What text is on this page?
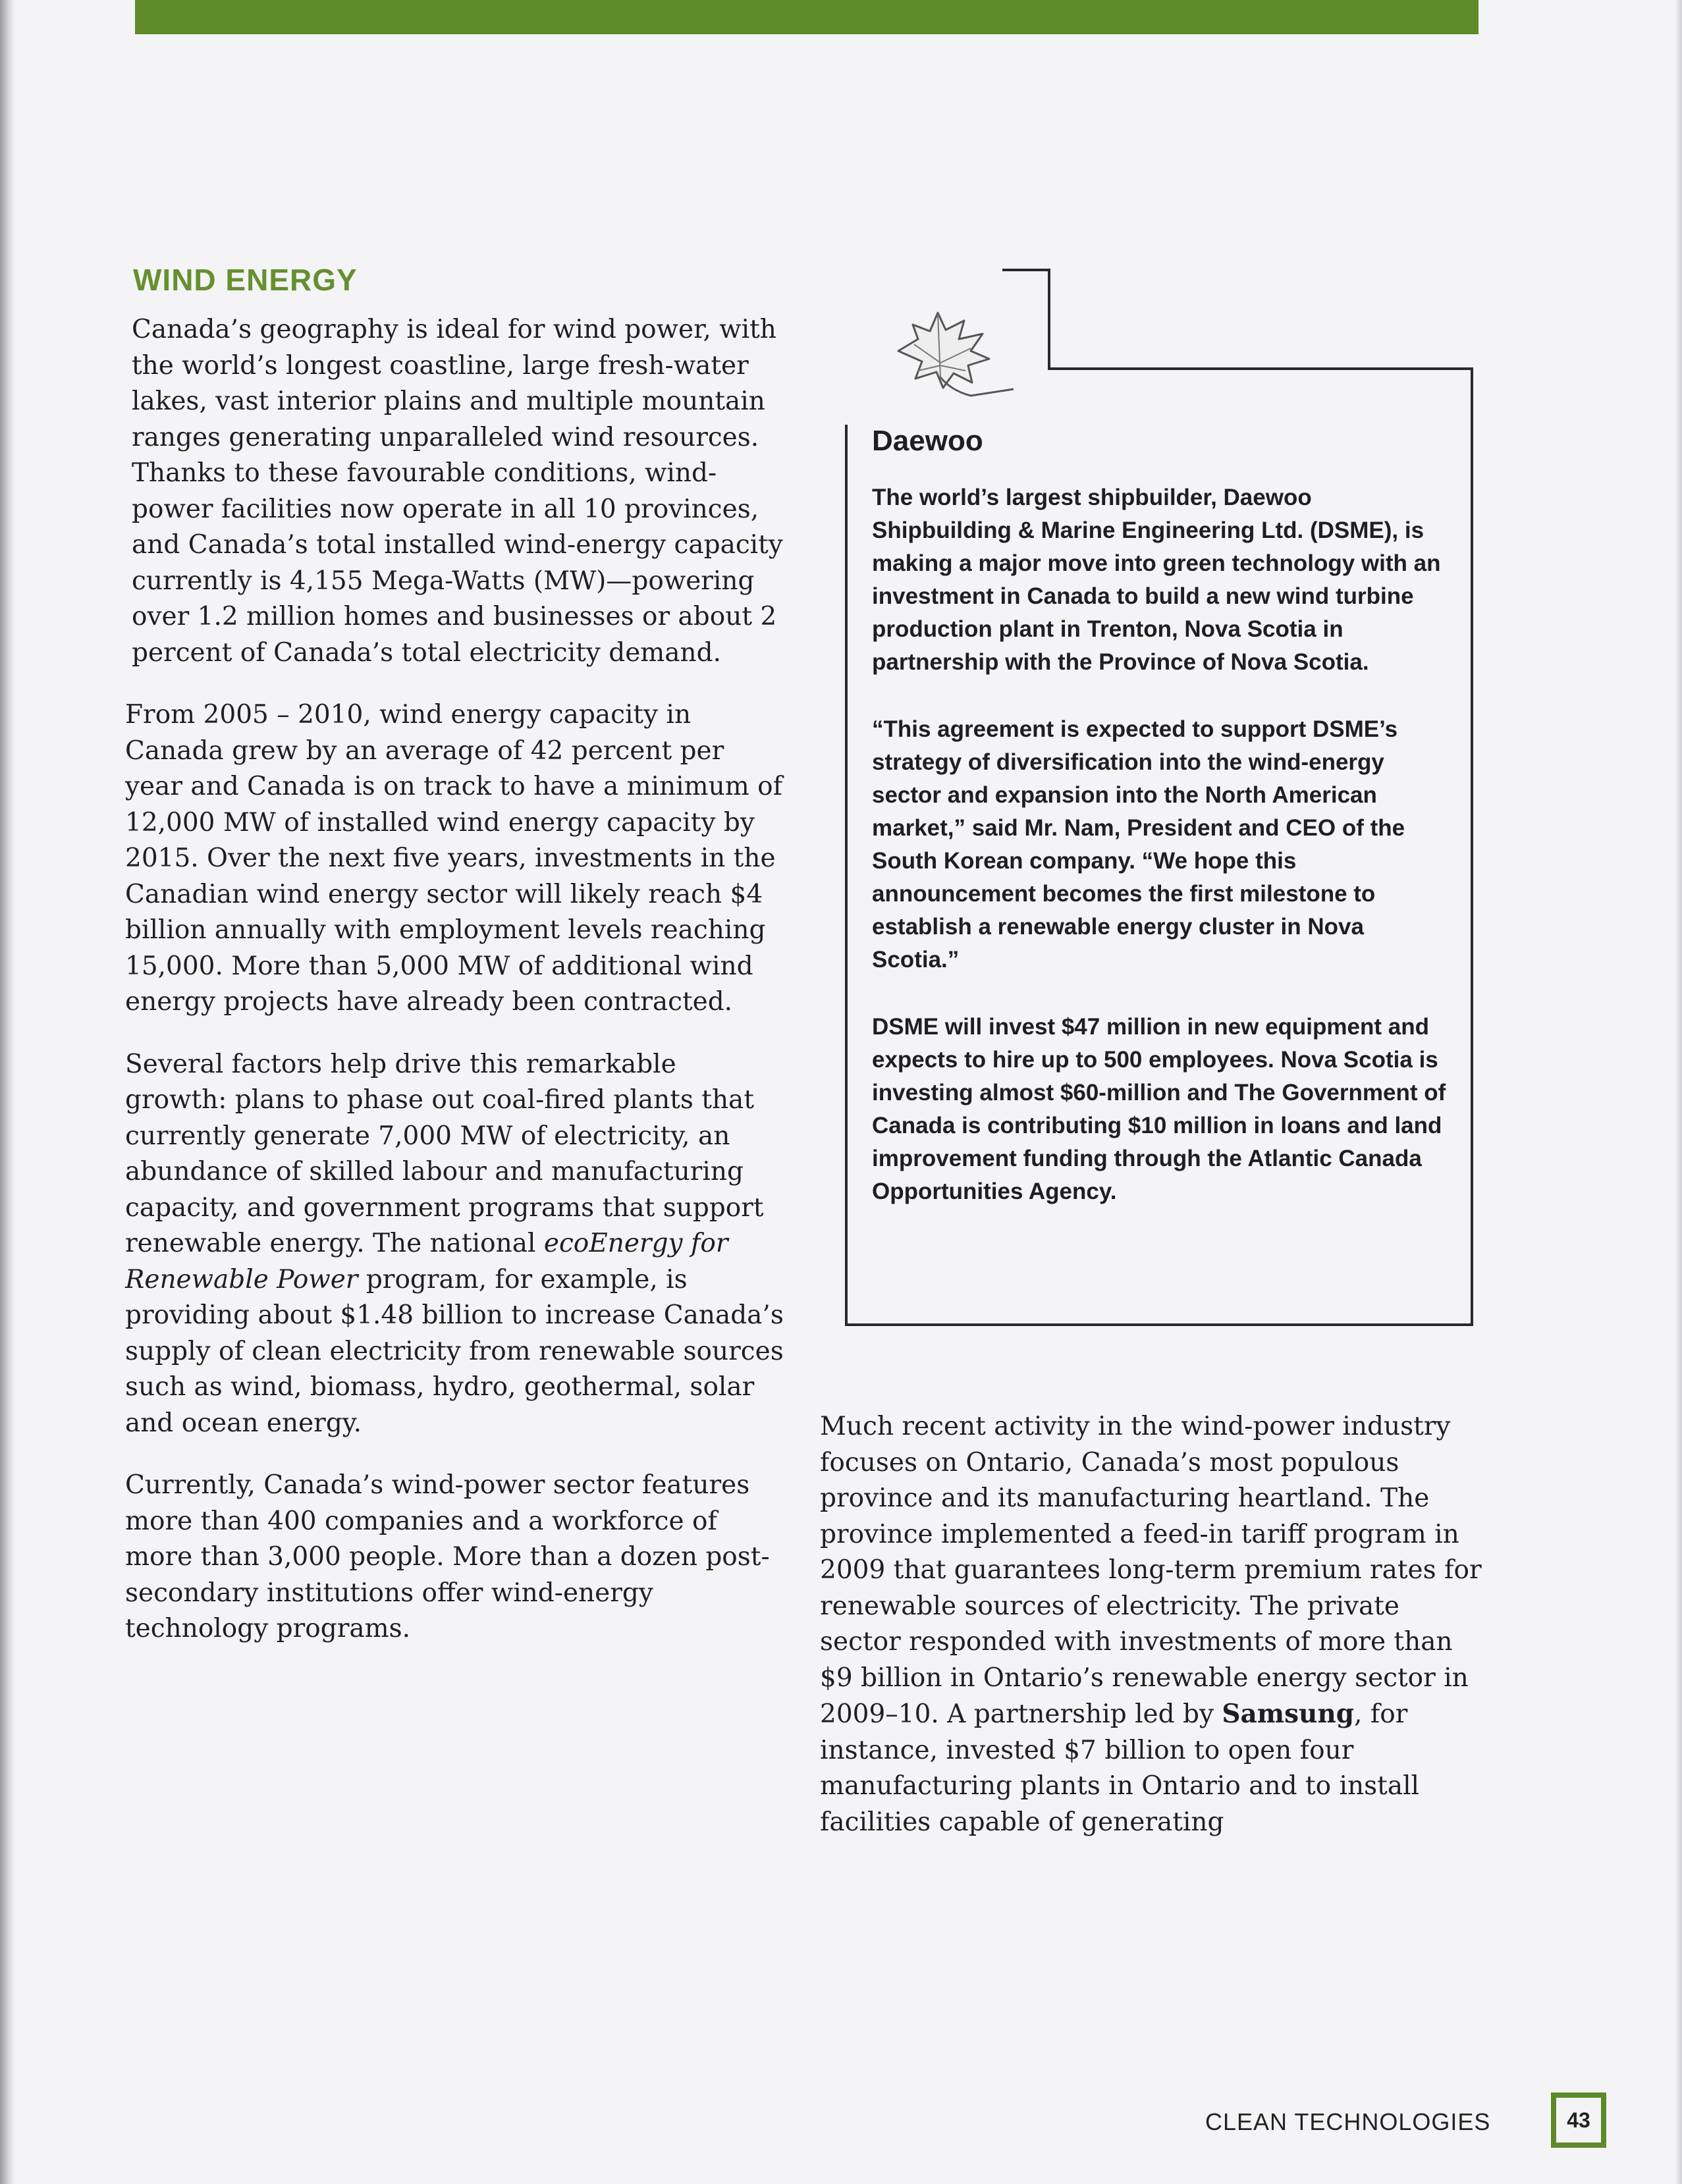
WIND ENERGY

Canada’s geography is ideal for wind power, with the world’s longest coastline, large fresh-water lakes, vast interior plains and multiple mountain ranges generating unparalleled wind resources. Thanks to these favourable conditions, wind-power facilities now operate in all 10 provinces, and Canada’s total installed wind-energy capacity currently is 4,155 Mega-Watts (MW)—powering over 1.2 million homes and businesses or about 2 percent of Canada’s total electricity demand.

From 2005 – 2010, wind energy capacity in Canada grew by an average of 42 percent per year and Canada is on track to have a minimum of 12,000 MW of installed wind energy capacity by 2015. Over the next five years, investments in the Canadian wind energy sector will likely reach $4 billion annually with employment levels reaching 15,000. More than 5,000 MW of additional wind energy projects have already been contracted.

Several factors help drive this remarkable growth: plans to phase out coal-fired plants that currently generate 7,000 MW of electricity, an abundance of skilled labour and manufacturing capacity, and government programs that support renewable energy. The national ecoEnergy for Renewable Power program, for example, is providing about $1.48 billion to increase Canada’s supply of clean electricity from renewable sources such as wind, biomass, hydro, geothermal, solar and ocean energy.

Currently, Canada’s wind-power sector features more than 400 companies and a workforce of more than 3,000 people. More than a dozen post-secondary institutions offer wind-energy technology programs.

Daewoo

The world’s largest shipbuilder, Daewoo Shipbuilding & Marine Engineering Ltd. (DSME), is making a major move into green technology with an investment in Canada to build a new wind turbine production plant in Trenton, Nova Scotia in partnership with the Province of Nova Scotia.

“This agreement is expected to support DSME’s strategy of diversification into the wind-energy sector and expansion into the North American market,” said Mr. Nam, President and CEO of the South Korean company. “We hope this announcement becomes the first milestone to establish a renewable energy cluster in Nova Scotia.”

DSME will invest $47 million in new equipment and expects to hire up to 500 employees. Nova Scotia is investing almost $60-million and The Government of Canada is contributing $10 million in loans and land improvement funding through the Atlantic Canada Opportunities Agency.

Much recent activity in the wind-power industry focuses on Ontario, Canada’s most populous province and its manufacturing heartland. The province implemented a feed-in tariff program in 2009 that guarantees long-term premium rates for renewable sources of electricity. The private sector responded with investments of more than $9 billion in Ontario’s renewable energy sector in 2009–10. A partnership led by Samsung, for instance, invested $7 billion to open four manufacturing plants in Ontario and to install facilities capable of generating

CLEAN TECHNOLOGIES	43
